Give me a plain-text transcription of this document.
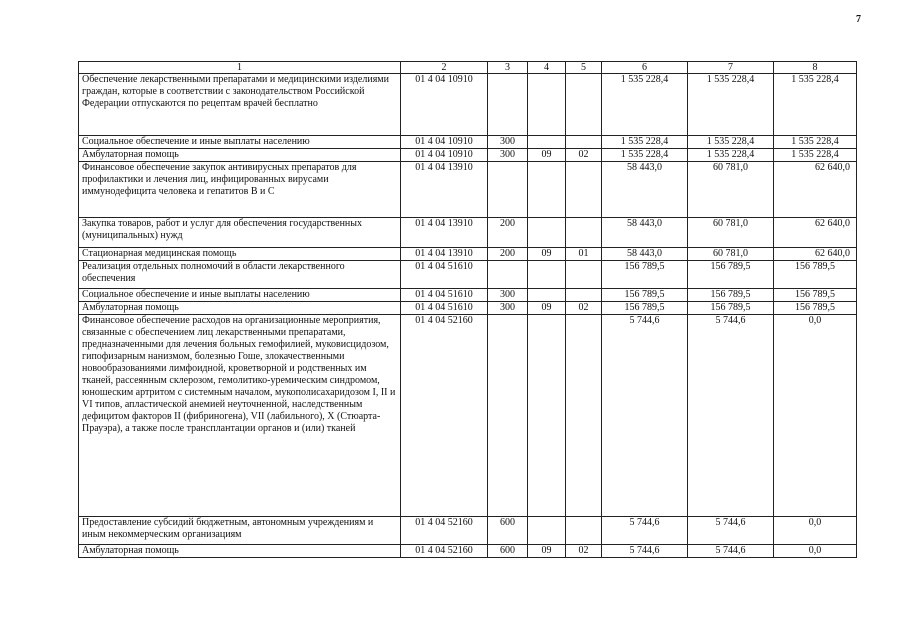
7
1	2	3	4	5	6	7	8
Обеспечение лекарственными препаратами и медицинскими изделиями граждан, которые в соответствии с законодательством Российской Федерации отпускаются по рецептам врачей бесплатно	01 4 04 10910				1 535 228,4	1 535 228,4	1 535 228,4
Социальное обеспечение и иные выплаты населению	01 4 04 10910	300			1 535 228,4	1 535 228,4	1 535 228,4
Амбулаторная помощь	01 4 04 10910	300	09	02	1 535 228,4	1 535 228,4	1 535 228,4
Финансовое обеспечение закупок антивирусных препаратов для профилактики и лечения лиц, инфицированных вирусами иммунодефицита человека и гепатитов В и С	01 4 04 13910				58 443,0	60 781,0	62 640,0
Закупка товаров, работ и услуг для обеспечения государственных (муниципальных) нужд	01 4 04 13910	200			58 443,0	60 781,0	62 640,0
Стационарная медицинская помощь	01 4 04 13910	200	09	01	58 443,0	60 781,0	62 640,0
Реализация отдельных полномочий в области лекарственного обеспечения	01 4 04 51610				156 789,5	156 789,5	156 789,5
Социальное обеспечение и иные выплаты населению	01 4 04 51610	300			156 789,5	156 789,5	156 789,5
Амбулаторная помощь	01 4 04 51610	300	09	02	156 789,5	156 789,5	156 789,5
Финансовое обеспечение расходов на организационные мероприятия, связанные с обеспечением лиц лекарственными препаратами, предназначенными для лечения больных гемофилией, муковисцидозом, гипофизарным нанизмом, болезнью Гоше, злокачественными новообразованиями лимфоидной, кроветворной и родственных им тканей, рассеянным склерозом, гемолитико-уремическим синдромом, юношеским артритом с системным началом, мукополисахаридозом I, II и VI типов, апластической анемией неуточненной, наследственным дефицитом факторов II (фибриногена), VII (лабильного), X (Стюарта-Прауэра), а также после трансплантации органов и (или) тканей	01 4 04 52160				5 744,6	5 744,6	0,0
Предоставление субсидий бюджетным, автономным учреждениям и иным некоммерческим организациям	01 4 04 52160	600			5 744,6	5 744,6	0,0
Амбулаторная помощь	01 4 04 52160	600	09	02	5 744,6	5 744,6	0,0
